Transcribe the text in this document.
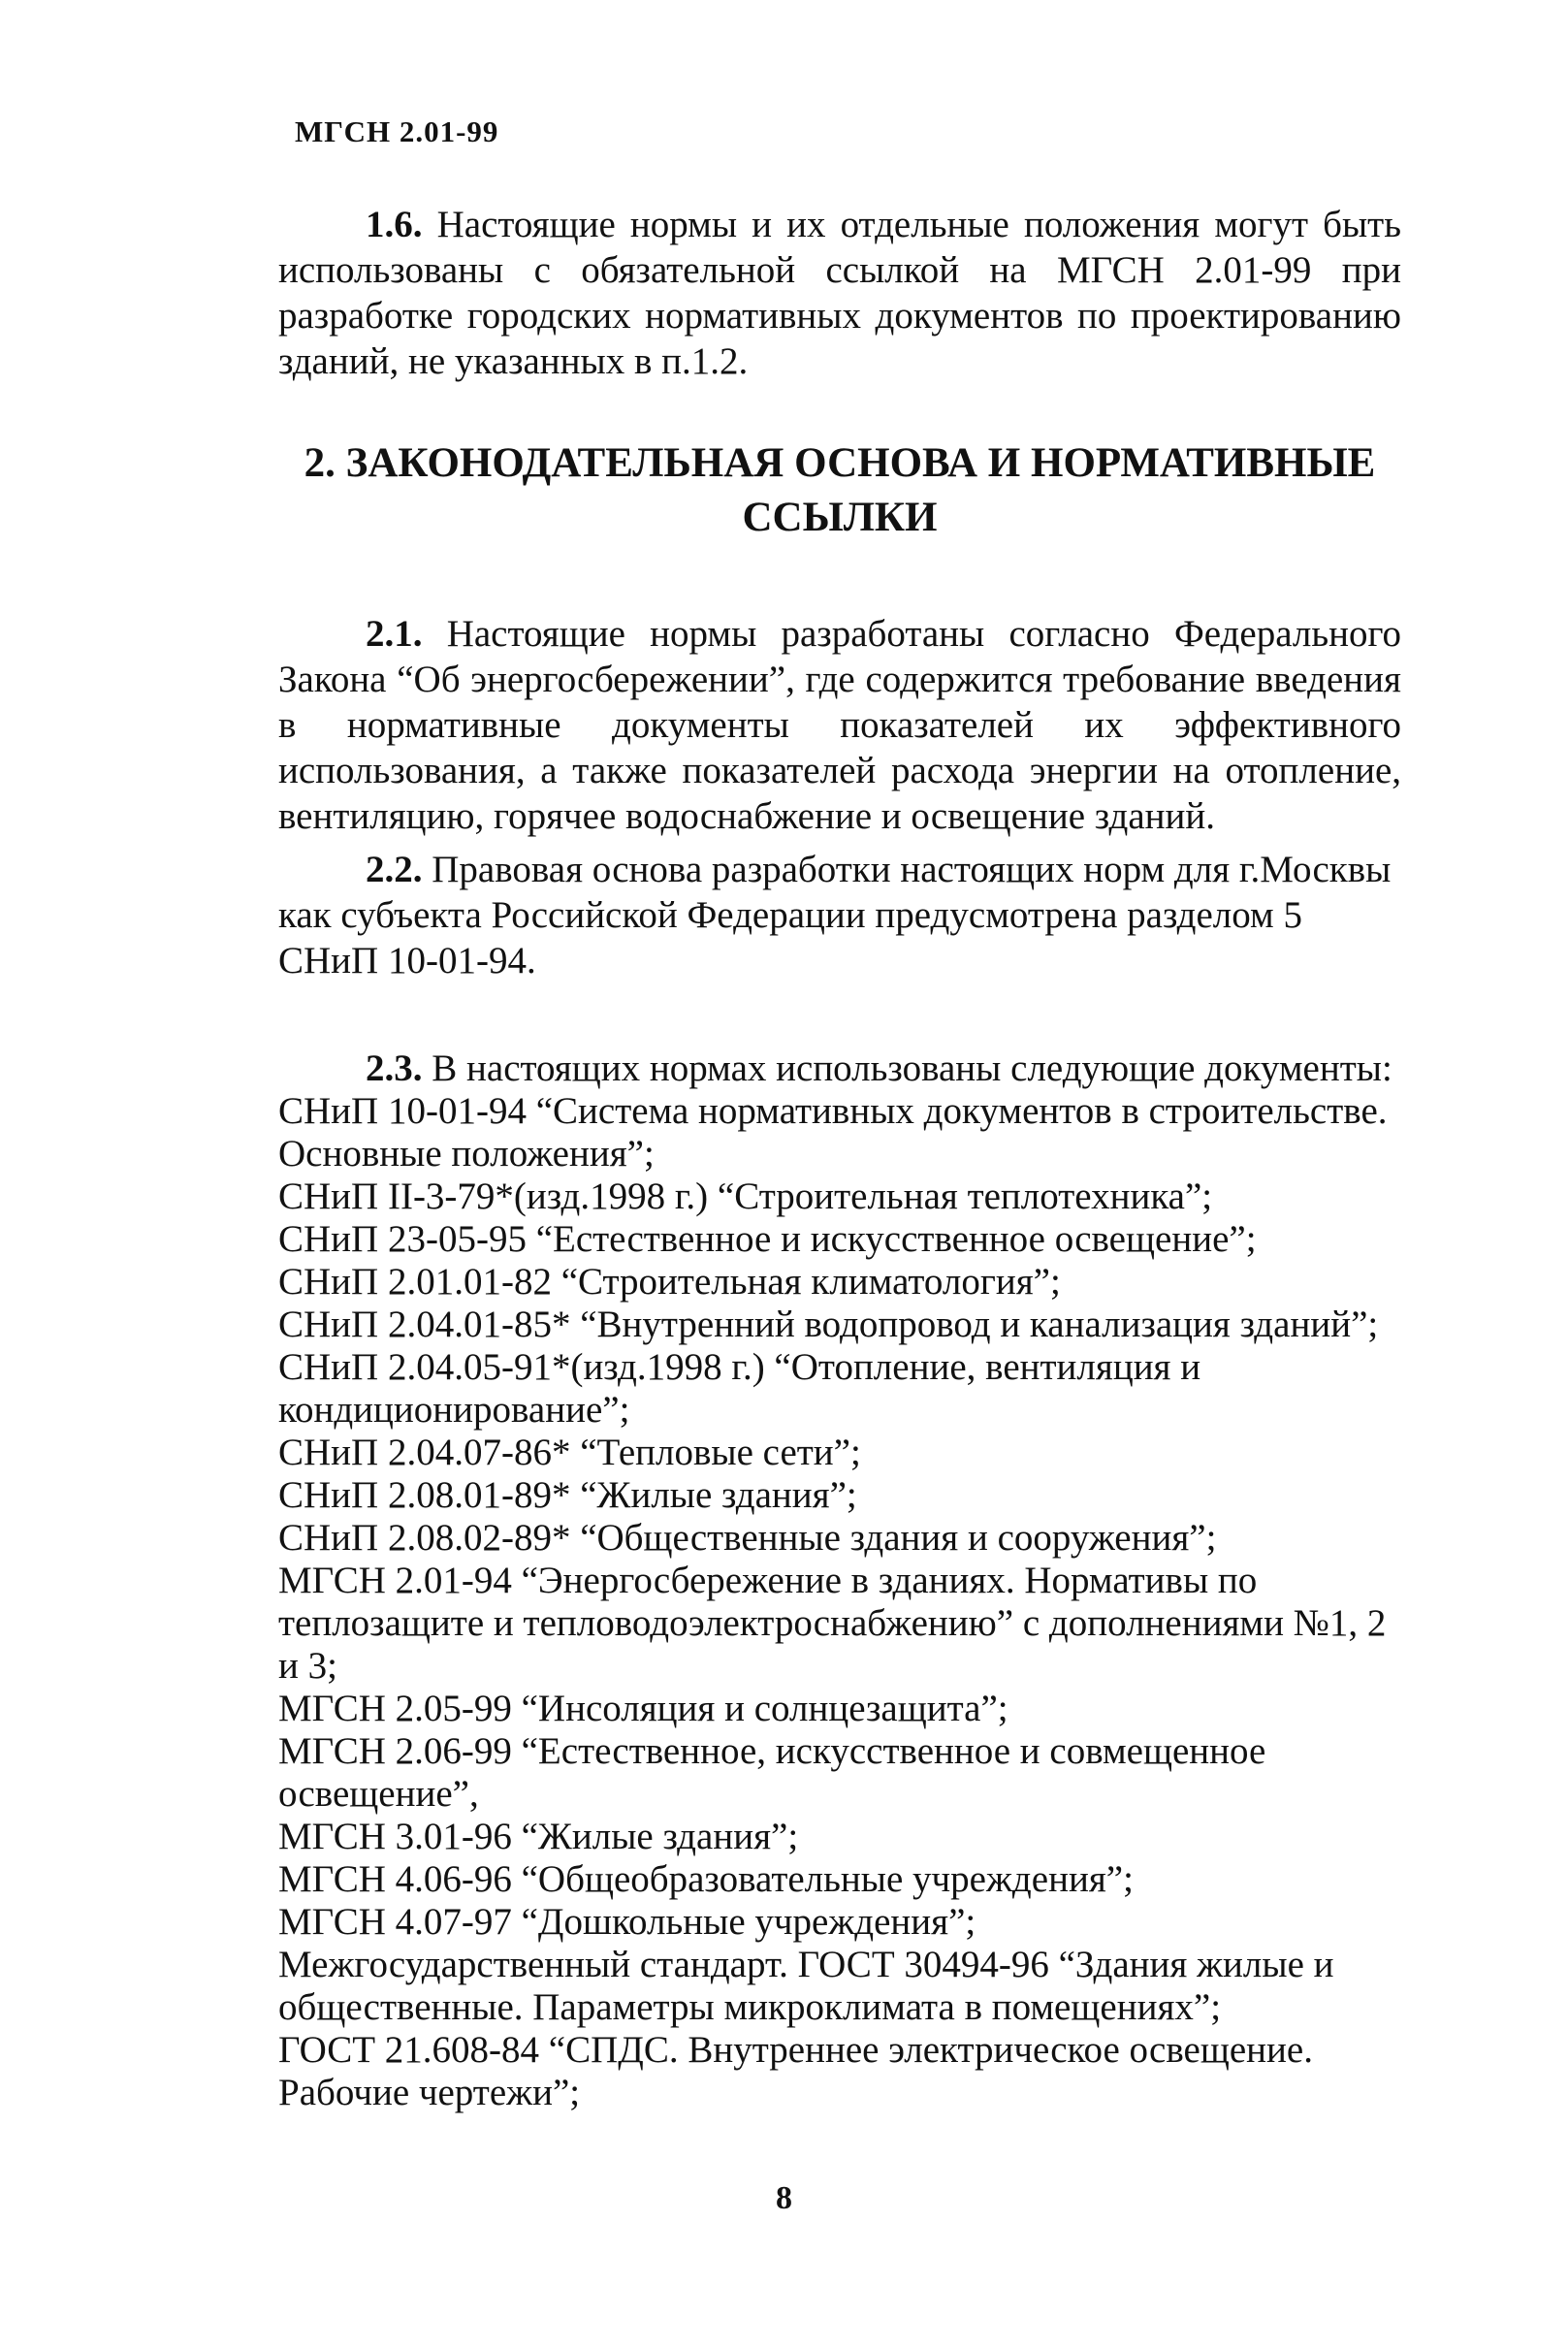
МГСН 2.01-99

1.6. Настоящие нормы и их отдельные положения могут быть использованы с обязательной ссылкой на МГСН 2.01-99 при разработке городских нормативных документов по проектированию зданий, не указанных в п.1.2.

2. ЗАКОНОДАТЕЛЬНАЯ ОСНОВА И НОРМАТИВНЫЕ
ССЫЛКИ

2.1. Настоящие нормы разработаны согласно Федерального Закона “Об энергосбережении”, где содержится требование введения в нормативные документы показателей их эффективного использования, а также показателей расхода энергии на отопление, вентиляцию, горячее водоснабжение и освещение зданий.

2.2. Правовая основа разработки настоящих норм для г.Москвы как субъекта Российской Федерации предусмотрена разделом 5 СНиП 10-01-94.

2.3. В настоящих нормах использованы следующие документы:

СНиП 10-01-94 “Система нормативных документов в строительстве. Основные положения”;
СНиП II-3-79*(изд.1998 г.) “Строительная теплотехника”;
СНиП 23-05-95 “Естественное и искусственное освещение”;
СНиП 2.01.01-82 “Строительная климатология”;
СНиП 2.04.01-85* “Внутренний водопровод и канализация зданий”;
СНиП 2.04.05-91*(изд.1998 г.) “Отопление, вентиляция и кондиционирование”;
СНиП 2.04.07-86* “Тепловые сети”;
СНиП 2.08.01-89* “Жилые здания”;
СНиП 2.08.02-89* “Общественные здания и сооружения”;
МГСН 2.01-94 “Энергосбережение в зданиях. Нормативы по теплозащите и тепловодоэлектроснабжению” с дополнениями №1, 2 и 3;
МГСН 2.05-99 “Инсоляция и солнцезащита”;
МГСН 2.06-99 “Естественное, искусственное и совмещенное освещение”,
МГСН 3.01-96 “Жилые здания”;
МГСН 4.06-96 “Общеобразовательные учреждения”;
МГСН 4.07-97 “Дошкольные учреждения”;
Межгосударственный стандарт. ГОСТ 30494-96 “Здания жилые и общественные. Параметры микроклимата в помещениях”;
ГОСТ 21.608-84 “СПДС. Внутреннее электрическое освещение. Рабочие чертежи”;
8
